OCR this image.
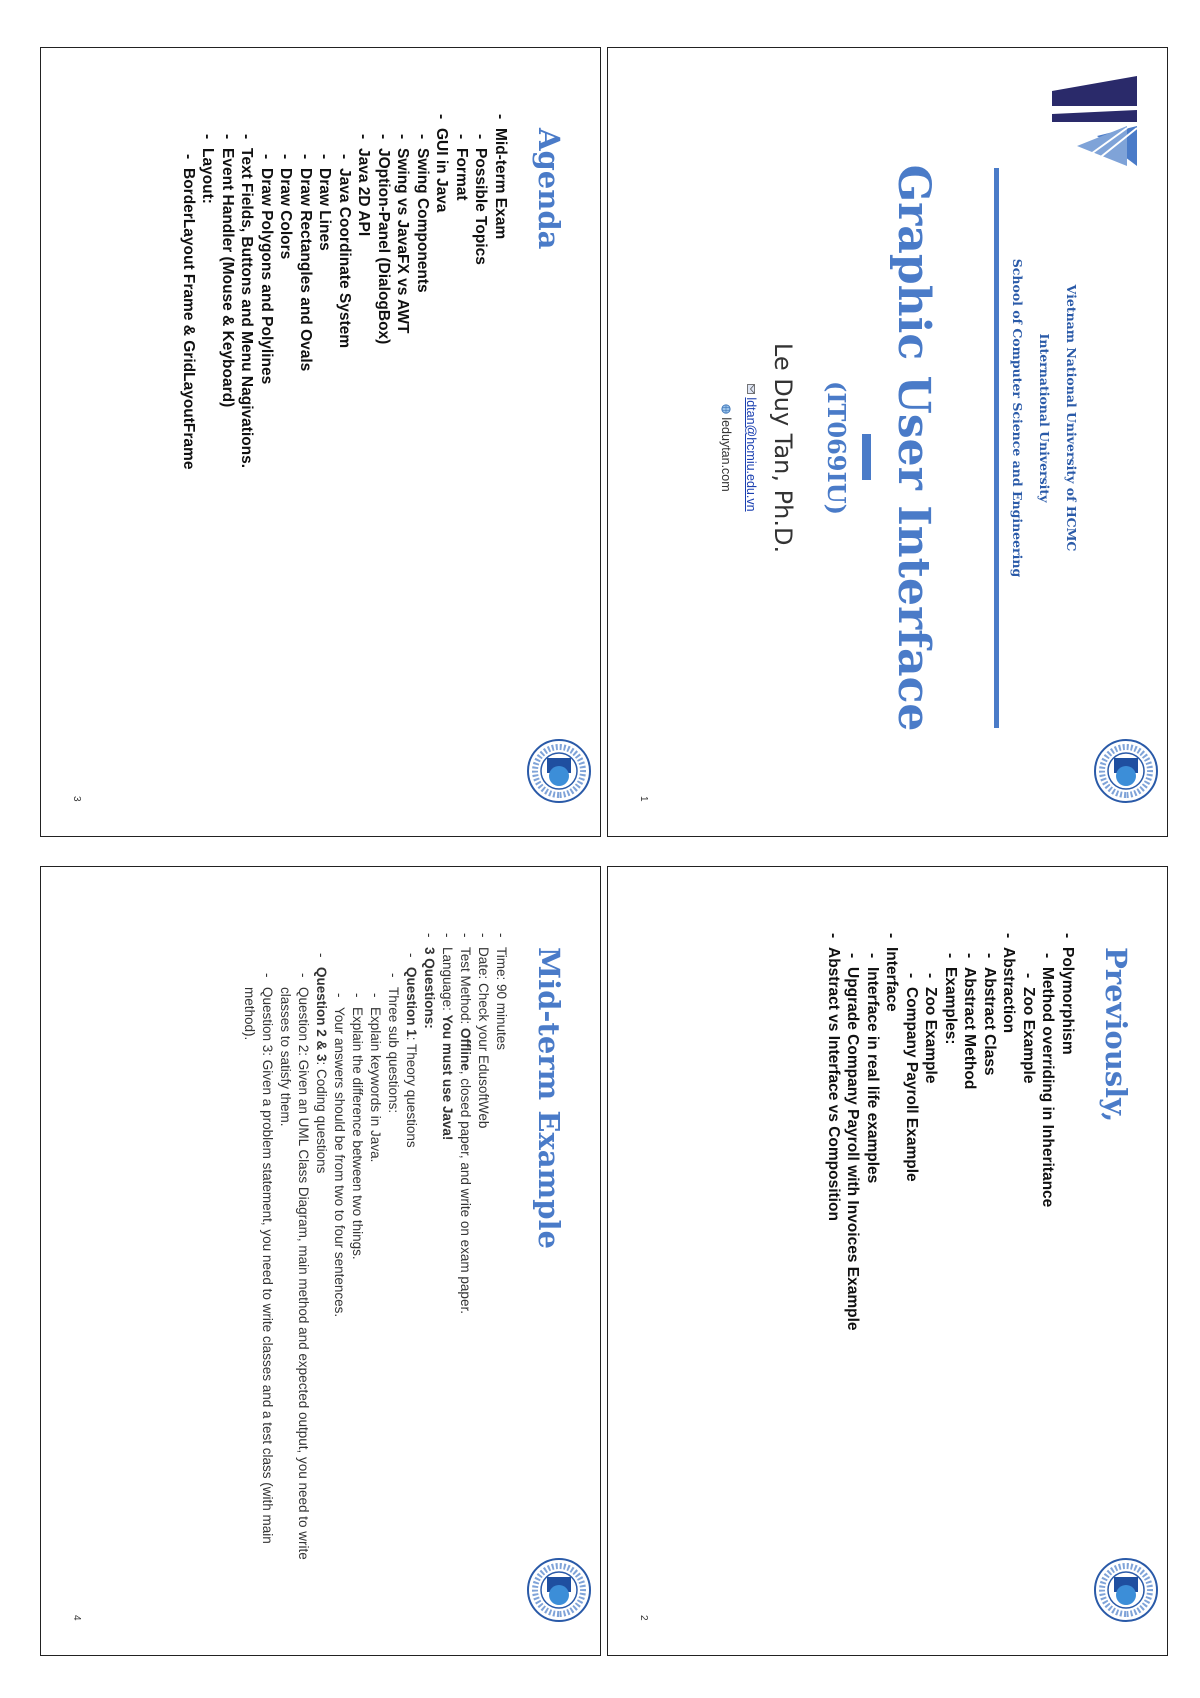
Vietnam National University of HCMC
International University
School of Computer Science and Engineering
Graphic User Interface
(IT069IU)
Le Duy Tan, Ph.D.
ldtan@hcmiu.edu.vn
leduytan.com
1
Previously,
- Polymorphism
- Method overriding in Inheritance
- Zoo Example
- Abstraction
- Abstract Class
- Abstract Method
- Examples:
- Zoo Example
- Company Payroll Example
- Interface
- Interface in real life examples
- Upgrade Company Payroll with Invoices Example
- Abstract vs Interface vs Composition
2
Agenda
- Mid-term Exam
- Possible Topics
- Format
- GUI in Java
- Swing Components
- Swing vs JavaFX vs AWT
- JOption-Panel (DialogBox)
- Java 2D API
- Java Coordinate System
- Draw Lines
- Draw Rectangles and Ovals
- Draw Colors
- Draw Polygons and Polylines
- Text Fields, Buttons and Menu Nagivations.
- Event Handler (Mouse & Keyboard)
- Layout:
- BorderLayout Frame & GridLayoutFrame
3
Mid-term Example
- Time: 90 minutes
- Date: Check your EdusoftWeb
- Test Method: Offline, closed paper, and write on exam paper.
- Language: You must use Java!
- 3 Questions:
- Question 1: Theory questions
- Three sub questions:
- Explain keywords in Java.
- Explain the difference between two things.
- Your answers should be from two to four sentences.
- Question 2 & 3: Coding questions
- Question 2: Given an UML Class Diagram, main method and expected output, you need to write classes to satisfy them.
- Question 3: Given a problem statement, you need to write classes and a test class (with main method).
4
